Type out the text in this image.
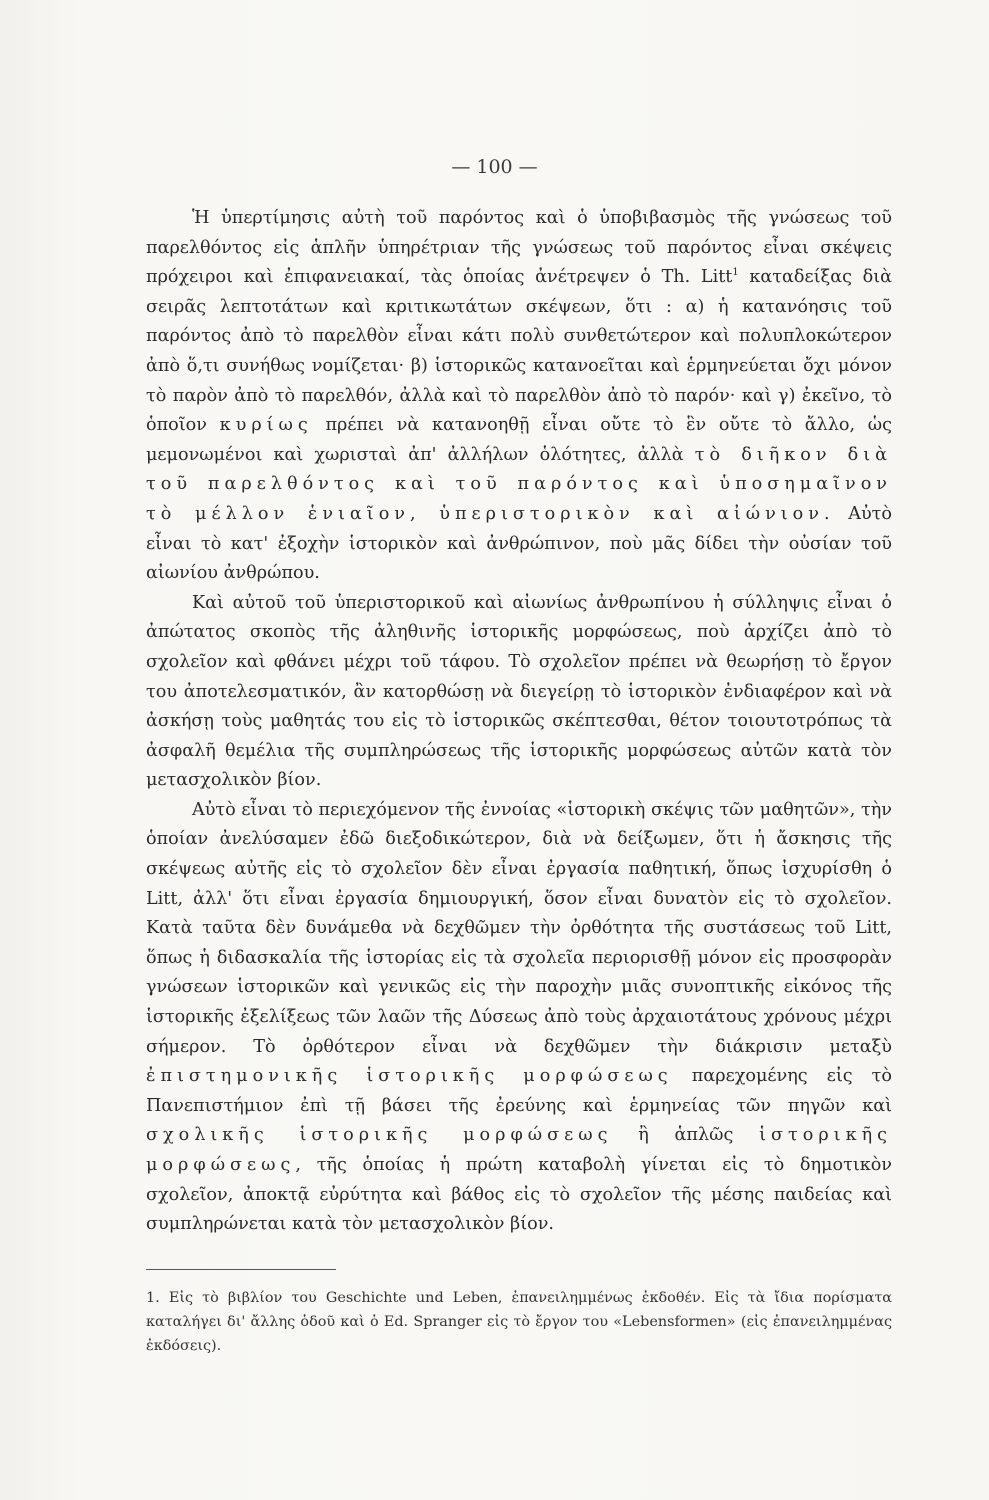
— 100 —

Ἡ ὑπερτίμησις αὐτὴ τοῦ παρόντος καὶ ὁ ὑποβιβασμὸς τῆς γνώσεως τοῦ παρελθόντος εἰς ἁπλῆν ὑπηρέτριαν τῆς γνώσεως τοῦ παρόντος εἶναι σκέψεις πρόχειροι καὶ ἐπιφανειακαί, τὰς ὁποίας ἀνέτρεψεν ὁ Th. Litt$^1$ καταδείξας διὰ σειρᾶς λεπτοτάτων καὶ κριτικωτάτων σκέψεων, ὅτι : α) ἡ κατανόησις τοῦ παρόντος ἀπὸ τὸ παρελθὸν εἶναι κάτι πολὺ συνθετώτερον καὶ πολυπλοκώτερον ἀπὸ ὅ,τι συνήθως νομίζεται· β) ἱστορικῶς κατανοεῖται καὶ ἑρμηνεύεται ὄχι μόνον τὸ παρὸν ἀπὸ τὸ παρελθόν, ἀλλὰ καὶ τὸ παρελθὸν ἀπὸ τὸ παρόν· καὶ γ) ἐκεῖνο, τὸ ὁποῖον κυρίως πρέπει νὰ κατανοηθῇ εἶναι οὔτε τὸ ἓν οὔτε τὸ ἄλλο, ὡς μεμονωμένοι καὶ χωρισταὶ ἀπ' ἀλλήλων ὁλότητες, ἀλλὰ τὸ διῆκον διὰ τοῦ παρελθόντος καὶ τοῦ παρόντος καὶ ὑποσημαῖνον τὸ μέλλον ἑνιαῖον, ὑπεριστορικὸν καὶ αἰώνιον. Αὐτὸ εἶναι τὸ κατ' ἐξοχὴν ἱστορικὸν καὶ ἀνθρώπινον, ποὺ μᾶς δίδει τὴν οὐσίαν τοῦ αἰωνίου ἀνθρώπου.

Καὶ αὐτοῦ τοῦ ὑπεριστορικοῦ καὶ αἰωνίως ἀνθρωπίνου ἡ σύλληψις εἶναι ὁ ἀπώτατος σκοπὸς τῆς ἀληθινῆς ἱστορικῆς μορφώσεως, ποὺ ἀρχίζει ἀπὸ τὸ σχολεῖον καὶ φθάνει μέχρι τοῦ τάφου. Τὸ σχολεῖον πρέπει νὰ θεωρήσῃ τὸ ἔργον του ἀποτελεσματικόν, ἂν κατορθώσῃ νὰ διεγείρῃ τὸ ἱστορικὸν ἐνδιαφέρον καὶ νὰ ἀσκήσῃ τοὺς μαθητάς του εἰς τὸ ἱστορικῶς σκέπτεσθαι, θέτον τοιουτοτρόπως τὰ ἀσφαλῆ θεμέλια τῆς συμπληρώσεως τῆς ἱστορικῆς μορφώσεως αὐτῶν κατὰ τὸν μετασχολικὸν βίον.

Αὐτὸ εἶναι τὸ περιεχόμενον τῆς ἐννοίας «ἱστορικὴ σκέψις τῶν μαθητῶν», τὴν ὁποίαν ἀνελύσαμεν ἐδῶ διεξοδικώτερον, διὰ νὰ δείξωμεν, ὅτι ἡ ἄσκησις τῆς σκέψεως αὐτῆς εἰς τὸ σχολεῖον δὲν εἶναι ἐργασία παθητική, ὅπως ἰσχυρίσθη ὁ Litt, ἀλλ' ὅτι εἶναι ἐργασία δημιουργική, ὅσον εἶναι δυνατὸν εἰς τὸ σχολεῖον. Κατὰ ταῦτα δὲν δυνάμεθα νὰ δεχθῶμεν τὴν ὀρθότητα τῆς συστάσεως τοῦ Litt, ὅπως ἡ διδασκαλία τῆς ἱστορίας εἰς τὰ σχολεῖα περιορισθῇ μόνον εἰς προσφορὰν γνώσεων ἱστορικῶν καὶ γενικῶς εἰς τὴν παροχὴν μιᾶς συνοπτικῆς εἰκόνος τῆς ἱστορικῆς ἐξελίξεως τῶν λαῶν τῆς Δύσεως ἀπὸ τοὺς ἀρχαιοτάτους χρόνους μέχρι σήμερον. Τὸ ὀρθότερον εἶναι νὰ δεχθῶμεν τὴν διάκρισιν μεταξὺ ἐπιστημονικῆς ἱστορικῆς μορφώσεως παρεχομένης εἰς τὸ Πανεπιστήμιον ἐπὶ τῇ βάσει τῆς ἐρεύνης καὶ ἑρμηνείας τῶν πηγῶν καὶ σχολικῆς ἱστορικῆς μορφώσεως ἢ ἁπλῶς ἱστορικῆς μορφώσεως, τῆς ὁποίας ἡ πρώτη καταβολὴ γίνεται εἰς τὸ δημοτικὸν σχολεῖον, ἀποκτᾷ εὐρύτητα καὶ βάθος εἰς τὸ σχολεῖον τῆς μέσης παιδείας καὶ συμπληρώνεται κατὰ τὸν μετασχολικὸν βίον.

1. Εἰς τὸ βιβλίον του Geschichte und Leben, ἐπανειλημμένως ἐκδοθέν. Εἰς τὰ ἴδια πορίσματα καταλήγει δι' ἄλλης ὁδοῦ καὶ ὁ Ed. Spranger εἰς τὸ ἔργον του «Lebensformen» (εἰς ἐπανειλημμένας ἐκδόσεις).
